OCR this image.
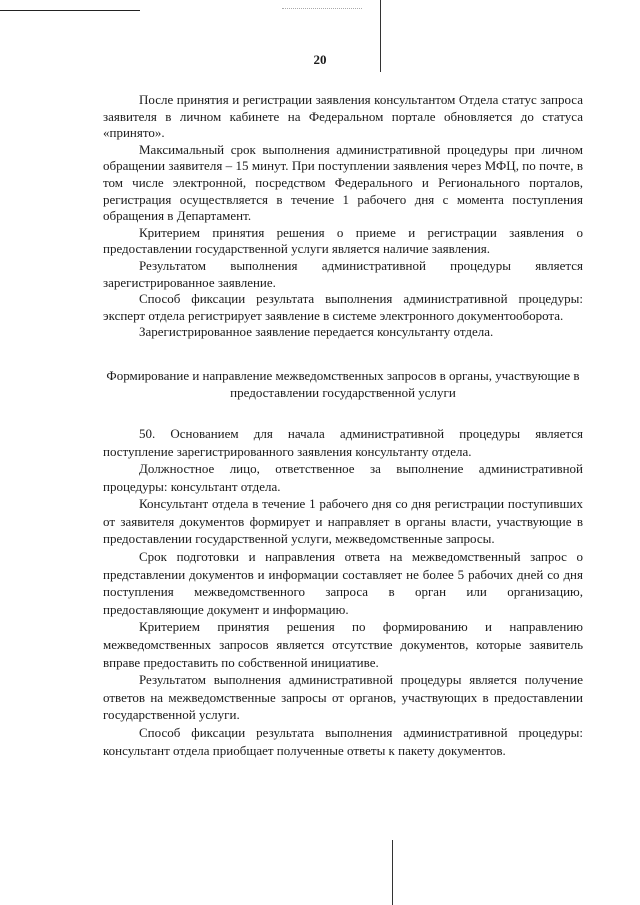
20

После принятия и регистрации заявления консультантом Отдела статус запроса заявителя в личном кабинете на Федеральном портале обновляется до статуса «принято».

Максимальный срок выполнения административной процедуры при личном обращении заявителя – 15 минут. При поступлении заявления через МФЦ, по почте, в том числе электронной, посредством Федерального и Регионального порталов, регистрация осуществляется в течение 1 рабочего дня с момента поступления обращения в Департамент.

Критерием принятия решения о приеме и регистрации заявления о предоставлении государственной услуги является наличие заявления.

Результатом выполнения административной процедуры является зарегистрированное заявление.

Способ фиксации результата выполнения административной процедуры: эксперт отдела регистрирует заявление в системе электронного документооборота.

Зарегистрированное заявление передается консультанту отдела.

Формирование и направление межведомственных запросов в органы, участвующие в предоставлении государственной услуги

50. Основанием для начала административной процедуры является поступление зарегистрированного заявления консультанту отдела.

Должностное лицо, ответственное за выполнение административной процедуры: консультант отдела.

Консультант отдела в течение 1 рабочего дня со дня регистрации поступивших от заявителя документов формирует и направляет в органы власти, участвующие в предоставлении государственной услуги, межведомственные запросы.

Срок подготовки и направления ответа на межведомственный запрос о представлении документов и информации составляет не более 5 рабочих дней со дня поступления межведомственного запроса в орган или организацию, предоставляющие документ и информацию.

Критерием принятия решения по формированию и направлению межведомственных запросов является отсутствие документов, которые заявитель вправе предоставить по собственной инициативе.

Результатом выполнения административной процедуры является получение ответов на межведомственные запросы от органов, участвующих в предоставлении государственной услуги.

Способ фиксации результата выполнения административной процедуры: консультант отдела приобщает полученные ответы к пакету документов.
